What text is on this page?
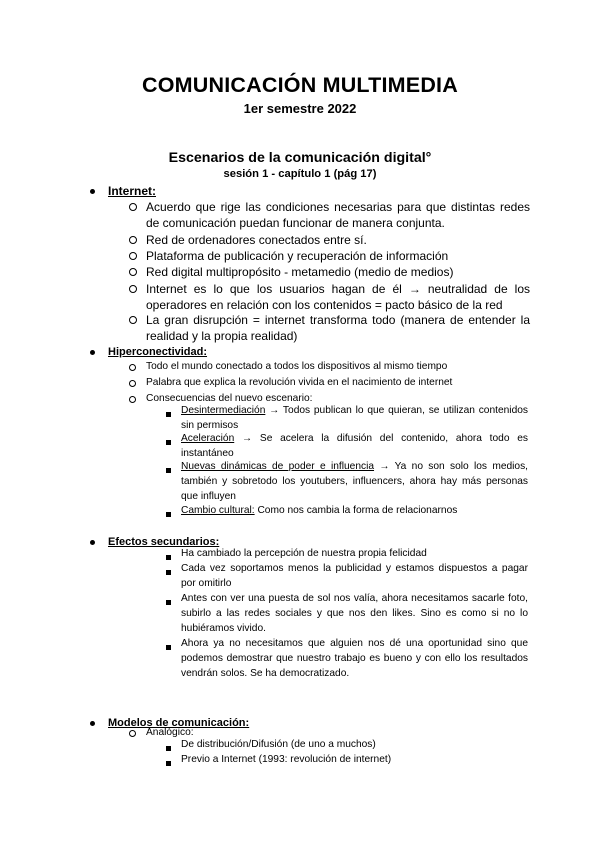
COMUNICACIÓN MULTIMEDIA
1er semestre 2022
Escenarios de la comunicación digital°
sesión 1 - capítulo 1 (pág 17)
Internet:
Acuerdo que rige las condiciones necesarias para que distintas redes de comunicación puedan funcionar de manera conjunta.
Red de ordenadores conectados entre sí.
Plataforma de publicación y recuperación de información
Red digital multipropósito - metamedio (medio de medios)
Internet es lo que los usuarios hagan de él → neutralidad de los operadores en relación con los contenidos = pacto básico de la red
La gran disrupción = internet transforma todo (manera de entender la realidad y la propia realidad)
Hiperconectividad:
Todo el mundo conectado a todos los dispositivos al mismo tiempo
Palabra que explica la revolución vivida en el nacimiento de internet
Consecuencias del nuevo escenario:
Desintermediación → Todos publican lo que quieran, se utilizan contenidos sin permisos
Aceleración → Se acelera la difusión del contenido, ahora todo es instantáneo
Nuevas dinámicas de poder e influencia → Ya no son solo los medios, también y sobretodo los youtubers, influencers, ahora hay más personas que influyen
Cambio cultural: Como nos cambia la forma de relacionarnos
Efectos secundarios:
Ha cambiado la percepción de nuestra propia felicidad
Cada vez soportamos menos la publicidad y estamos dispuestos a pagar por omitirlo
Antes con ver una puesta de sol nos valía, ahora necesitamos sacarle foto, subirlo a las redes sociales y que nos den likes. Sino es como si no lo hubiéramos vivido.
Ahora ya no necesitamos que alguien nos dé una oportunidad sino que podemos demostrar que nuestro trabajo es bueno y con ello los resultados vendrán solos. Se ha democratizado.
Modelos de comunicación:
Analógico:
De distribución/Difusión (de uno a muchos)
Previo a Internet (1993: revolución de internet)
